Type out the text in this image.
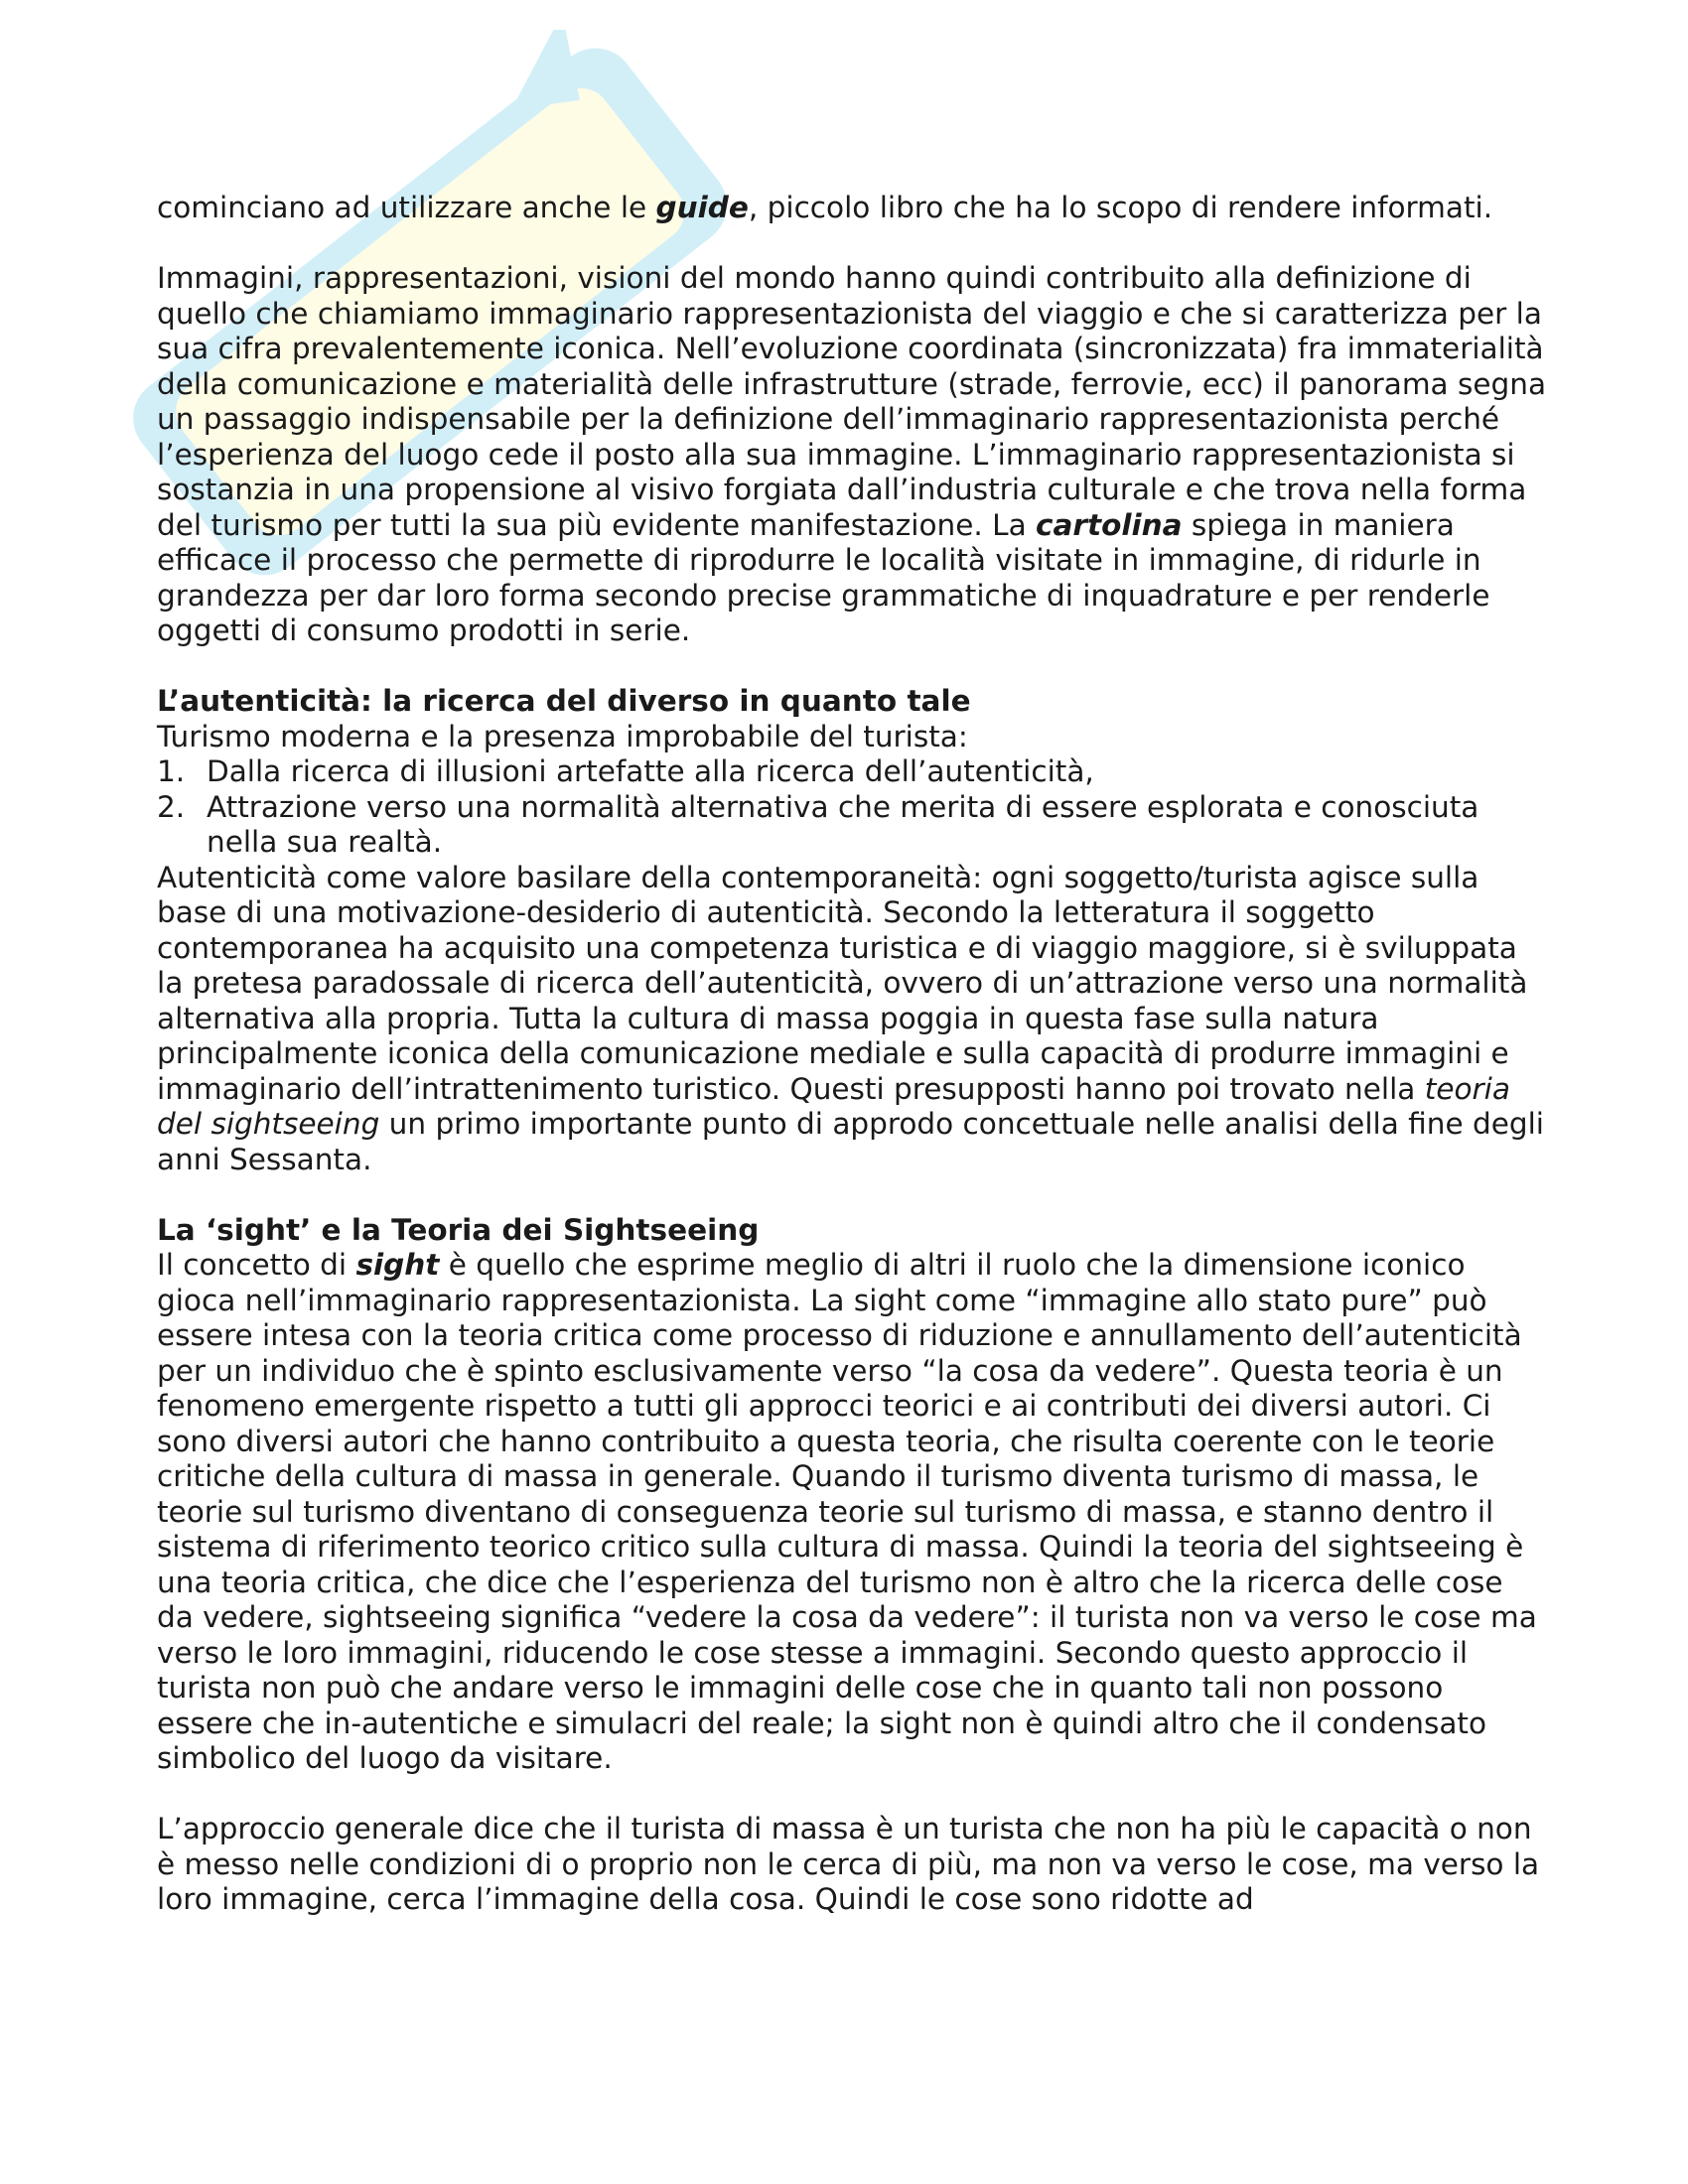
cominciano ad utilizzare anche le guide, piccolo libro che ha lo scopo di rendere informati.

Immagini, rappresentazioni, visioni del mondo hanno quindi contribuito alla definizione di quello che chiamiamo immaginario rappresentazionista del viaggio e che si caratterizza per la sua cifra prevalentemente iconica. Nell’evoluzione coordinata (sincronizzata) fra immaterialità della comunicazione e materialità delle infrastrutture (strade, ferrovie, ecc) il panorama segna un passaggio indispensabile per la definizione dell’immaginario rappresentazionista perché l’esperienza del luogo cede il posto alla sua immagine. L’immaginario rappresentazionista si sostanzia in una propensione al visivo forgiata dall’industria culturale e che trova nella forma del turismo per tutti la sua più evidente manifestazione. La cartolina spiega in maniera efficace il processo che permette di riprodurre le località visitate in immagine, di ridurle in grandezza per dar loro forma secondo precise grammatiche di inquadrature e per renderle oggetti di consumo prodotti in serie.

L’autenticità: la ricerca del diverso in quanto tale

Turismo moderna e la presenza improbabile del turista:

1. Dalla ricerca di illusioni artefatte alla ricerca dell’autenticità,
2. Attrazione verso una normalità alternativa che merita di essere esplorata e conosciuta nella sua realtà.

Autenticità come valore basilare della contemporaneità: ogni soggetto/turista agisce sulla base di una motivazione-desiderio di autenticità. Secondo la letteratura il soggetto contemporanea ha acquisito una competenza turistica e di viaggio maggiore, si è sviluppata la pretesa paradossale di ricerca dell’autenticità, ovvero di un’attrazione verso una normalità alternativa alla propria. Tutta la cultura di massa poggia in questa fase sulla natura principalmente iconica della comunicazione mediale e sulla capacità di produrre immagini e immaginario dell’intrattenimento turistico. Questi presupposti hanno poi trovato nella teoria del sightseeing un primo importante punto di approdo concettuale nelle analisi della fine degli anni Sessanta.

La ‘sight’ e la Teoria dei Sightseeing

Il concetto di sight è quello che esprime meglio di altri il ruolo che la dimensione iconico gioca nell’immaginario rappresentazionista. La sight come “immagine allo stato pure” può essere intesa con la teoria critica come processo di riduzione e annullamento dell’autenticità per un individuo che è spinto esclusivamente verso “la cosa da vedere”. Questa teoria è un fenomeno emergente rispetto a tutti gli approcci teorici e ai contributi dei diversi autori. Ci sono diversi autori che hanno contribuito a questa teoria, che risulta coerente con le teorie critiche della cultura di massa in generale. Quando il turismo diventa turismo di massa, le teorie sul turismo diventano di conseguenza teorie sul turismo di massa, e stanno dentro il sistema di riferimento teorico critico sulla cultura di massa. Quindi la teoria del sightseeing è una teoria critica, che dice che l’esperienza del turismo non è altro che la ricerca delle cose da vedere, sightseeing significa “vedere la cosa da vedere”: il turista non va verso le cose ma verso le loro immagini, riducendo le cose stesse a immagini. Secondo questo approccio il turista non può che andare verso le immagini delle cose che in quanto tali non possono essere che in-autentiche e simulacri del reale; la sight non è quindi altro che il condensato simbolico del luogo da visitare.

L’approccio generale dice che il turista di massa è un turista che non ha più le capacità o non è messo nelle condizioni di o proprio non le cerca di più, ma non va verso le cose, ma verso la loro immagine, cerca l’immagine della cosa. Quindi le cose sono ridotte ad
